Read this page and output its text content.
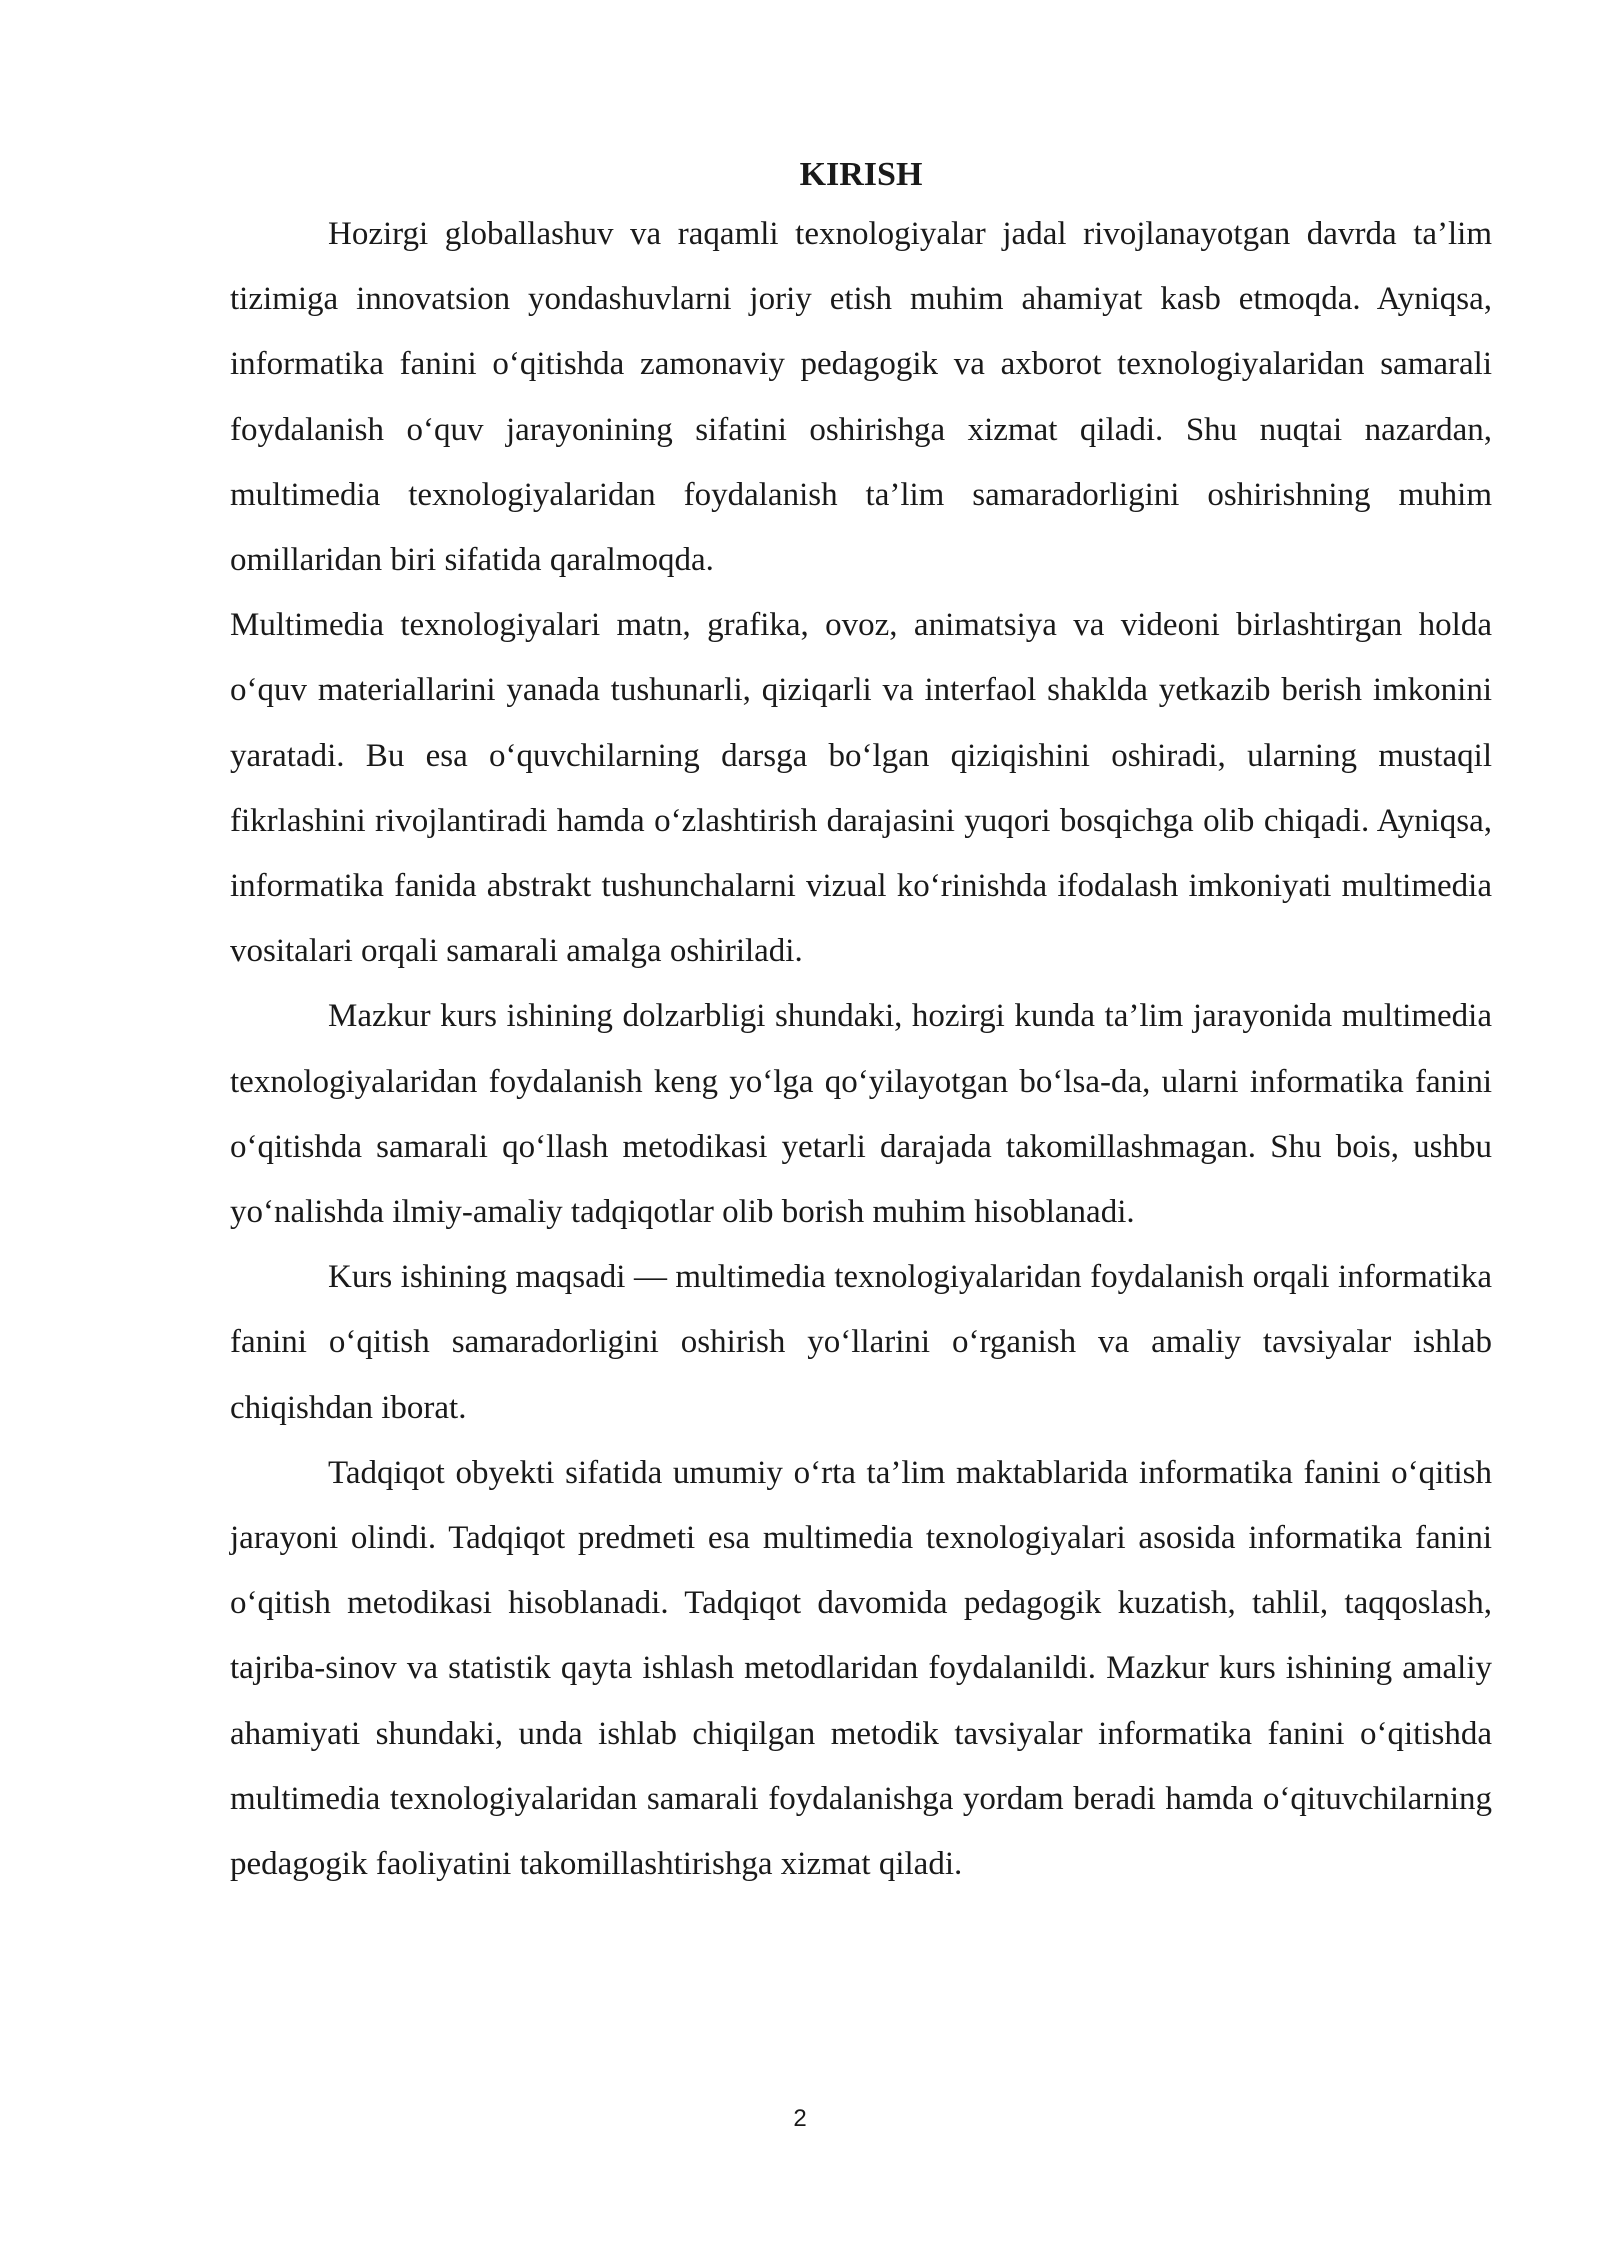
KIRISH

Hozirgi globallashuv va raqamli texnologiyalar jadal rivojlanayotgan davrda ta’lim tizimiga innovatsion yondashuvlarni joriy etish muhim ahamiyat kasb etmoqda. Ayniqsa, informatika fanini o‘qitishda zamonaviy pedagogik va axborot texnologiyalaridan samarali foydalanish o‘quv jarayonining sifatini oshirishga xizmat qiladi. Shu nuqtai nazardan, multimedia texnologiyalaridan foydalanish ta’lim samaradorligini oshirishning muhim omillaridan biri sifatida qaralmoqda.

Multimedia texnologiyalari matn, grafika, ovoz, animatsiya va videoni birlashtirgan holda o‘quv materiallarini yanada tushunarli, qiziqarli va interfaol shaklda yetkazib berish imkonini yaratadi. Bu esa o‘quvchilarning darsga bo‘lgan qiziqishini oshiradi, ularning mustaqil fikrlashini rivojlantiradi hamda o‘zlashtirish darajasini yuqori bosqichga olib chiqadi. Ayniqsa, informatika fanida abstrakt tushunchalarni vizual ko‘rinishda ifodalash imkoniyati multimedia vositalari orqali samarali amalga oshiriladi.

Mazkur kurs ishining dolzarbligi shundaki, hozirgi kunda ta’lim jarayonida multimedia texnologiyalaridan foydalanish keng yo‘lga qo‘yilayotgan bo‘lsa-da, ularni informatika fanini o‘qitishda samarali qo‘llash metodikasi yetarli darajada takomillashmagan. Shu bois, ushbu yo‘nalishda ilmiy-amaliy tadqiqotlar olib borish muhim hisoblanadi.

Kurs ishining maqsadi — multimedia texnologiyalaridan foydalanish orqali informatika fanini o‘qitish samaradorligini oshirish yo‘llarini o‘rganish va amaliy tavsiyalar ishlab chiqishdan iborat.

Tadqiqot obyekti sifatida umumiy o‘rta ta’lim maktablarida informatika fanini o‘qitish jarayoni olindi. Tadqiqot predmeti esa multimedia texnologiyalari asosida informatika fanini o‘qitish metodikasi hisoblanadi. Tadqiqot davomida pedagogik kuzatish, tahlil, taqqoslash, tajriba-sinov va statistik qayta ishlash metodlaridan foydalanildi. Mazkur kurs ishining amaliy ahamiyati shundaki, unda ishlab chiqilgan metodik tavsiyalar informatika fanini o‘qitishda multimedia texnologiyalaridan samarali foydalanishga yordam beradi hamda o‘qituvchilarning pedagogik faoliyatini takomillashtirishga xizmat qiladi.

2
